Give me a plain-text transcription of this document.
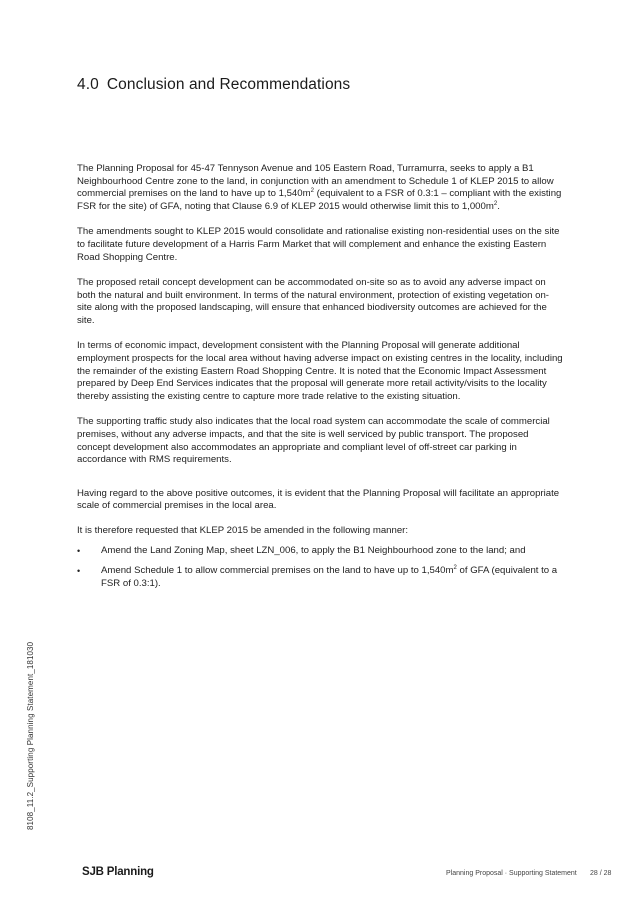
4.0 Conclusion and Recommendations

The Planning Proposal for 45-47 Tennyson Avenue and 105 Eastern Road, Turramurra, seeks to apply a B1 Neighbourhood Centre zone to the land, in conjunction with an amendment to Schedule 1 of KLEP 2015 to allow commercial premises on the land to have up to $1,540m^2$ (equivalent to a FSR of 0.3:1 – compliant with the existing FSR for the site) of GFA, noting that Clause 6.9 of KLEP 2015 would otherwise limit this to $1,000m^2$.

The amendments sought to KLEP 2015 would consolidate and rationalise existing non-residential uses on the site to facilitate future development of a Harris Farm Market that will complement and enhance the existing Eastern Road Shopping Centre.

The proposed retail concept development can be accommodated on-site so as to avoid any adverse impact on both the natural and built environment. In terms of the natural environment, protection of existing vegetation on-site along with the proposed landscaping, will ensure that enhanced biodiversity outcomes are achieved for the site.

In terms of economic impact, development consistent with the Planning Proposal will generate additional employment prospects for the local area without having adverse impact on existing centres in the locality, including the remainder of the existing Eastern Road Shopping Centre. It is noted that the Economic Impact Assessment prepared by Deep End Services indicates that the proposal will generate more retail activity/visits to the locality thereby assisting the existing centre to capture more trade relative to the existing situation.

The supporting traffic study also indicates that the local road system can accommodate the scale of commercial premises, without any adverse impacts, and that the site is well serviced by public transport. The proposed concept development also accommodates an appropriate and compliant level of off-street car parking in accordance with RMS requirements.

Having regard to the above positive outcomes, it is evident that the Planning Proposal will facilitate an appropriate scale of commercial premises in the local area.

It is therefore requested that KLEP 2015 be amended in the following manner:

• Amend the Land Zoning Map, sheet LZN_006, to apply the B1 Neighbourhood zone to the land; and
• Amend Schedule 1 to allow commercial premises on the land to have up to $1,540m^2$ of GFA (equivalent to a FSR of 0.3:1).
8108_11.2_Supporting Planning Statement_181030
SJB Planning	Planning Proposal · Supporting Statement 28 / 28
